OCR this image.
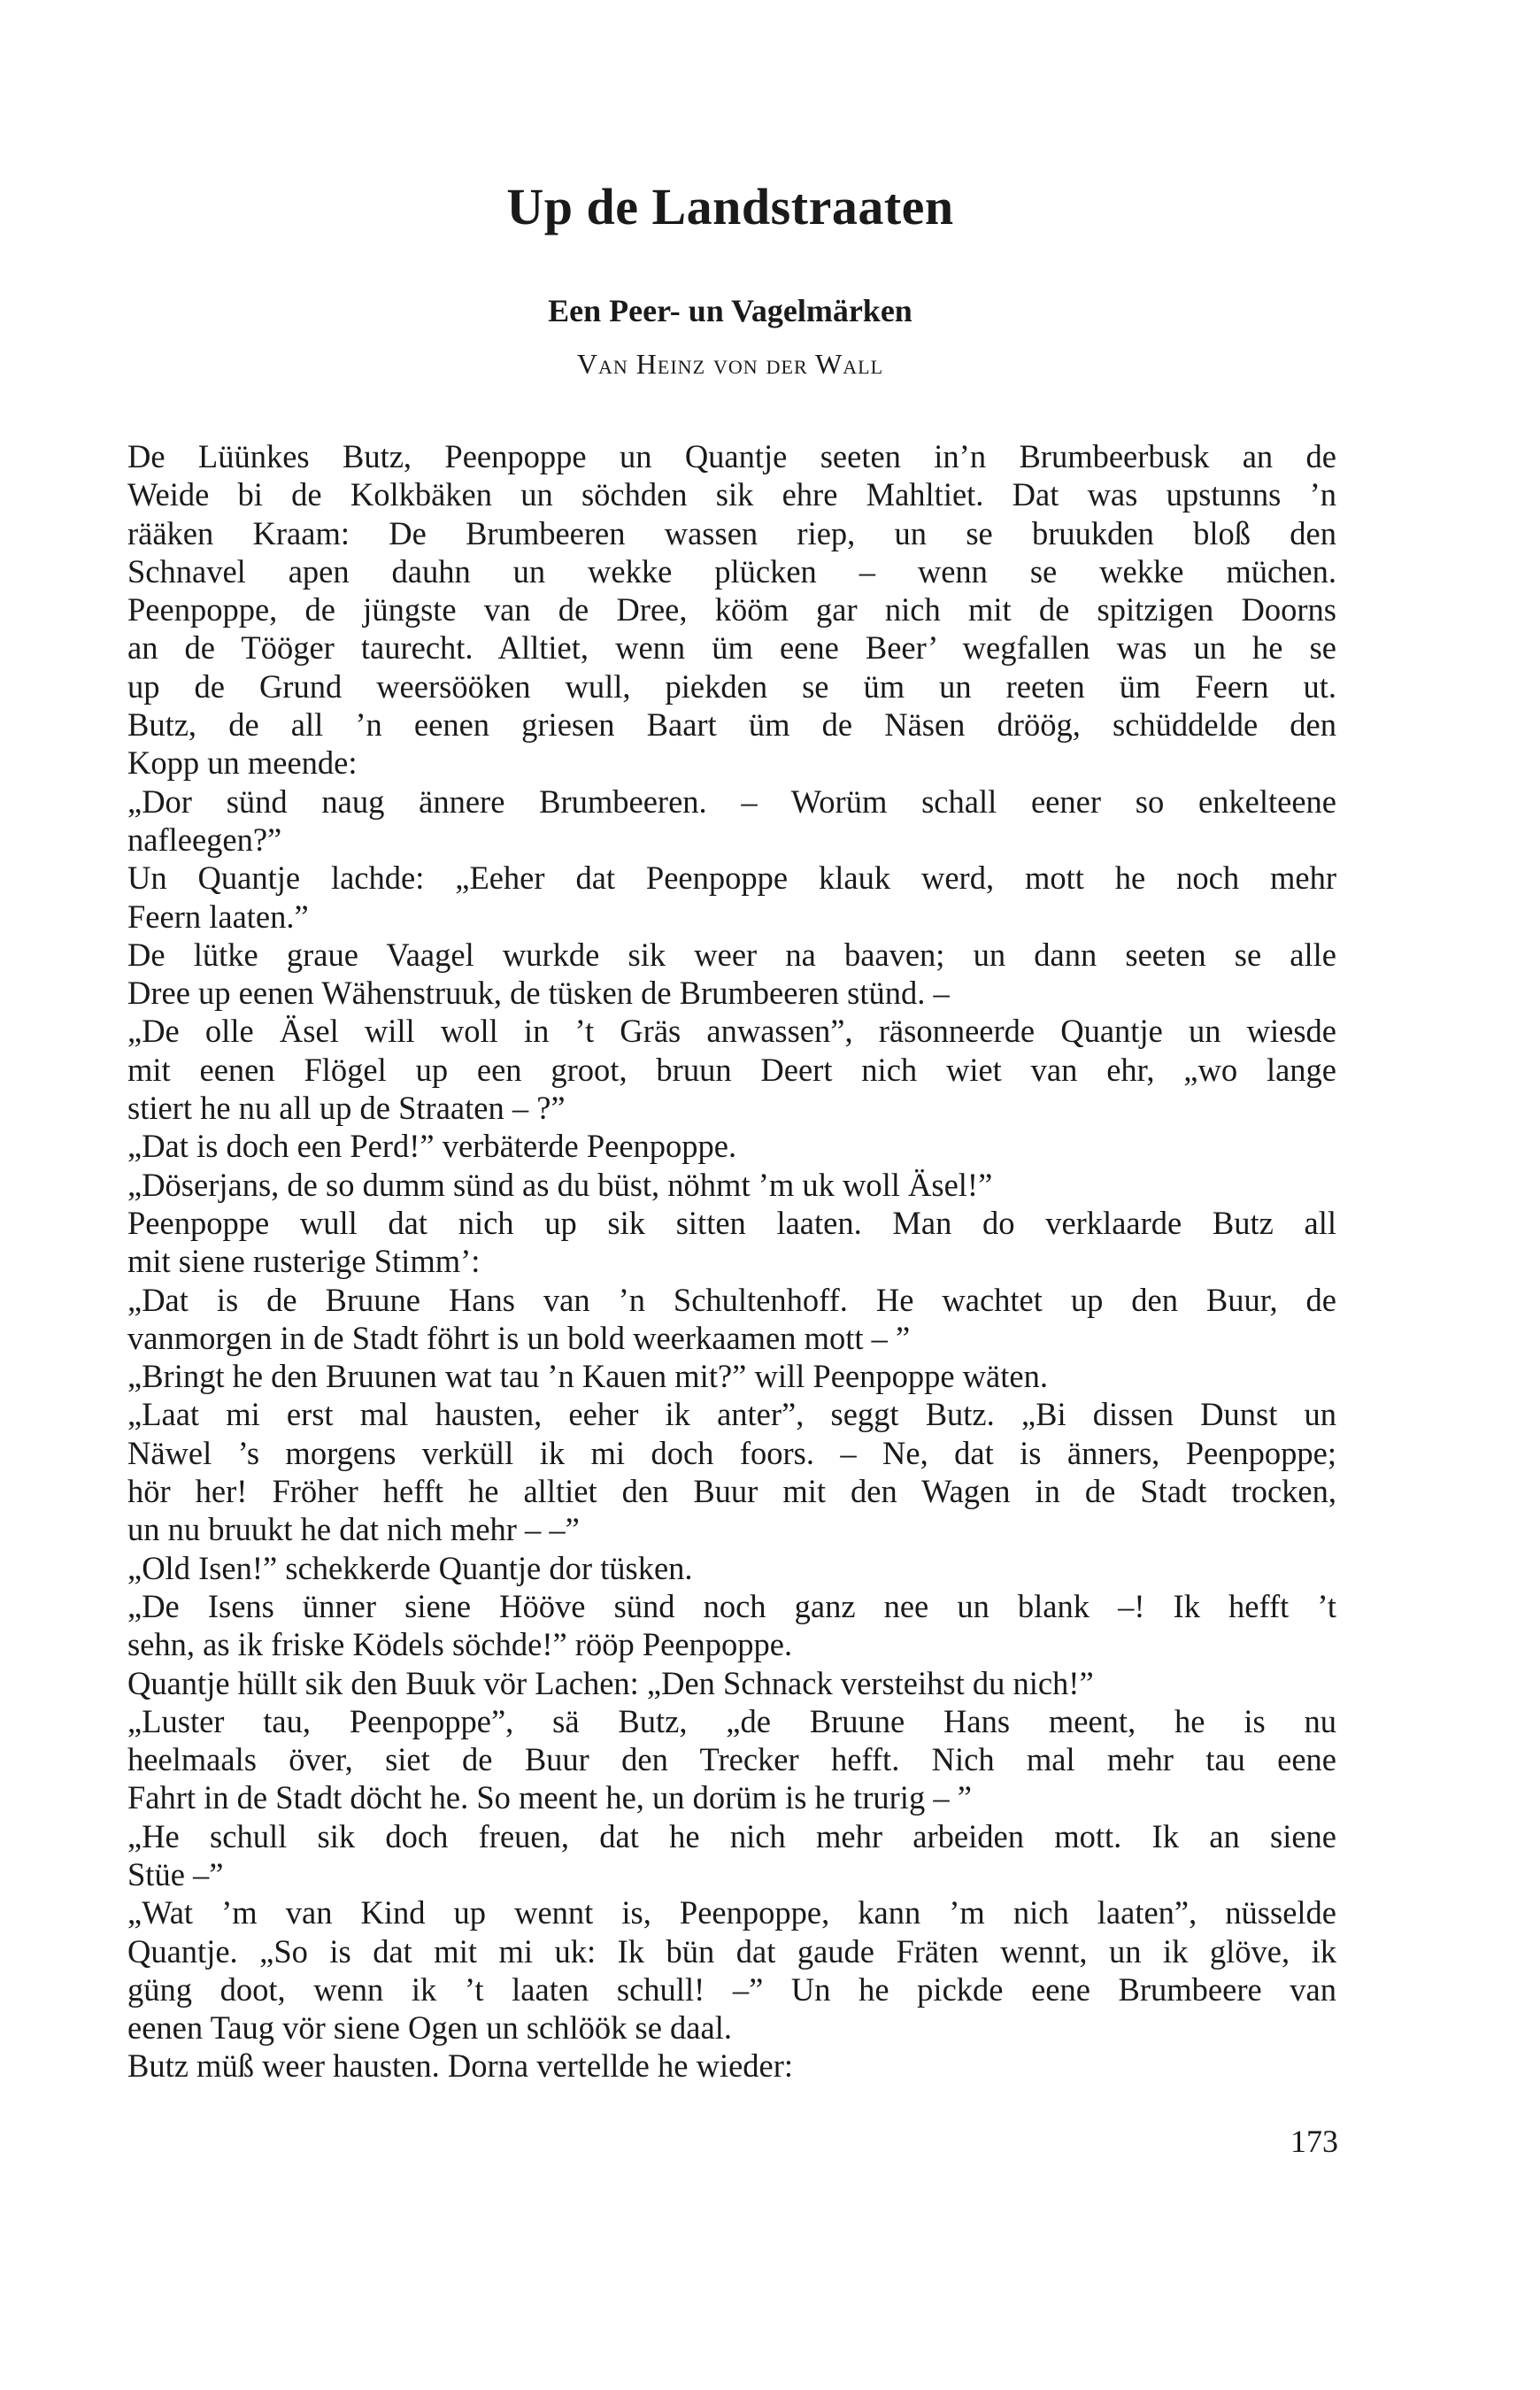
Up de Landstraaten
Een Peer- un Vagelmärken
Van Heinz von der Wall
De Lüünkes Butz, Peenpoppe un Quantje seeten in’n Brumbeerbusk an de
Weide bi de Kolkbäken un söchden sik ehre Mahltiet. Dat was upstunns ’n
rääken Kraam: De Brumbeeren wassen riep, un se bruukden bloß den
Schnavel apen dauhn un wekke plücken – wenn se wekke müchen.
Peenpoppe, de jüngste van de Dree, kööm gar nich mit de spitzigen Doorns
an de Tööger taurecht. Alltiet, wenn üm eene Beer’ wegfallen was un he se
up de Grund weersööken wull, piekden se üm un reeten üm Feern ut.
Butz, de all ’n eenen griesen Baart üm de Näsen dröög, schüddelde den
Kopp un meende:
„Dor sünd naug ännere Brumbeeren. – Worüm schall eener so enkelteene
nafleegen?”
Un Quantje lachde: „Eeher dat Peenpoppe klauk werd, mott he noch mehr
Feern laaten.”
De lütke graue Vaagel wurkde sik weer na baaven; un dann seeten se alle
Dree up eenen Wähenstruuk, de tüsken de Brumbeeren stünd. –
„De olle Äsel will woll in ’t Gräs anwassen”, räsonneerde Quantje un wiesde
mit eenen Flögel up een groot, bruun Deert nich wiet van ehr, „wo lange
stiert he nu all up de Straaten – ?”
„Dat is doch een Perd!” verbäterde Peenpoppe.
„Döserjans, de so dumm sünd as du büst, nöhmt ’m uk woll Äsel!”
Peenpoppe wull dat nich up sik sitten laaten. Man do verklaarde Butz all
mit siene rusterige Stimm’:
„Dat is de Bruune Hans van ’n Schultenhoff. He wachtet up den Buur, de
vanmorgen in de Stadt föhrt is un bold weerkaamen mott – ”
„Bringt he den Bruunen wat tau ’n Kauen mit?” will Peenpoppe wäten.
„Laat mi erst mal hausten, eeher ik anter”, seggt Butz. „Bi dissen Dunst un
Näwel ’s morgens verküll ik mi doch foors. – Ne, dat is änners, Peenpoppe;
hör her! Fröher hefft he alltiet den Buur mit den Wagen in de Stadt trocken,
un nu bruukt he dat nich mehr – –”
„Old Isen!” schekkerde Quantje dor tüsken.
„De Isens ünner siene Hööve sünd noch ganz nee un blank –! Ik hefft ’t
sehn, as ik friske Ködels söchde!” rööp Peenpoppe.
Quantje hüllt sik den Buuk vör Lachen: „Den Schnack versteihst du nich!”
„Luster tau, Peenpoppe”, sä Butz, „de Bruune Hans meent, he is nu
heelmaals över, siet de Buur den Trecker hefft. Nich mal mehr tau eene
Fahrt in de Stadt döcht he. So meent he, un dorüm is he trurig – ”
„He schull sik doch freuen, dat he nich mehr arbeiden mott. Ik an siene
Stüe –”
„Wat ’m van Kind up wennt is, Peenpoppe, kann ’m nich laaten”, nüsselde
Quantje. „So is dat mit mi uk: Ik bün dat gaude Fräten wennt, un ik glöve, ik
güng doot, wenn ik ’t laaten schull! –” Un he pickde eene Brumbeere van
eenen Taug vör siene Ogen un schlöök se daal.
Butz müß weer hausten. Dorna vertellde he wieder:
173
